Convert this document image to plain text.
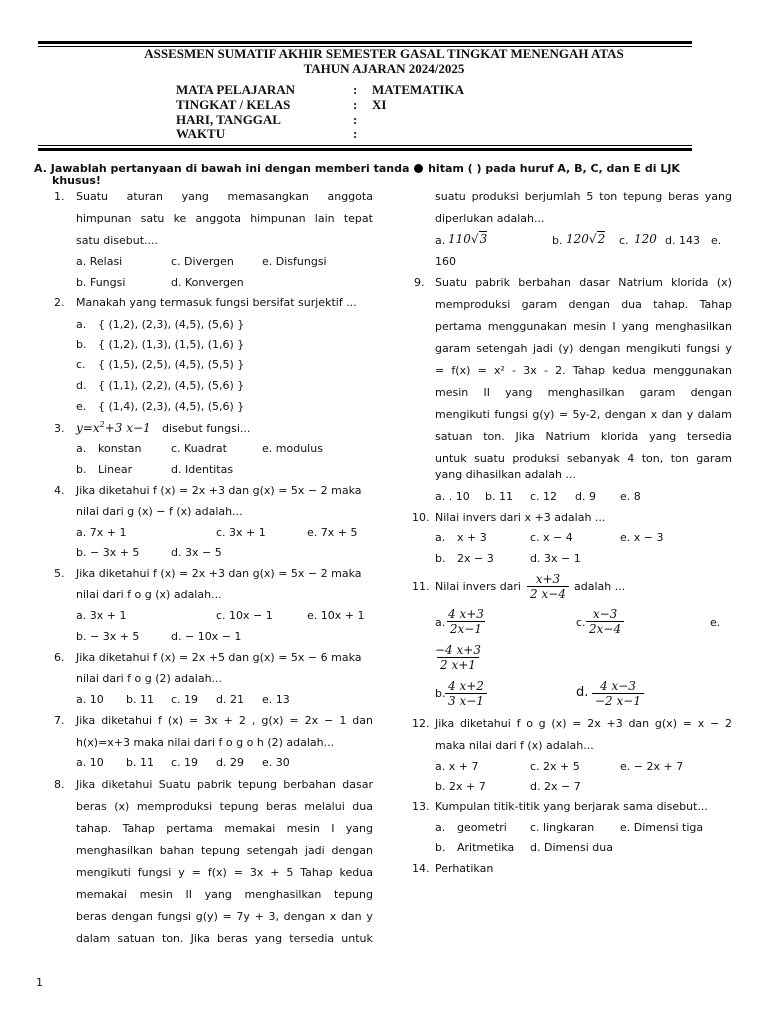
ASSESMEN SUMATIF AKHIR SEMESTER GASAL TINGKAT MENENGAH ATAS
TAHUN AJARAN 2024/2025
MATA PELAJARAN	: MATEMATIKA
TINGKAT / KELAS	: XI
HARI, TANGGAL	:
WAKTU	:
A. Jawablah pertanyaan di bawah ini dengan memberi tanda hitam ( ) pada huruf A, B, C, dan E di LJK
khusus!
1. Suatu aturan yang memasangkan anggota
himpunan satu ke anggota himpunan lain tepat
satu disebut....
a. Relasi	c. Divergen	e. Disfungsi
b. Fungsi	d. Konvergen
2. Manakah yang termasuk fungsi bersifat surjektif ...
a. { (1,2), (2,3), (4,5), (5,6) }
b. { (1,2), (1,3), (1,5), (1,6) }
c. { (1,5), (2,5), (4,5), (5,5) }
d. { (1,1), (2,2), (4,5), (5,6) }
e. { (1,4), (2,3), (4,5), (5,6) }
3. $y=x^2+3$ x−1 disebut fungsi...
a. konstan	c. Kuadrat	e. modulus
b. Linear	d. Identitas
4. Jika diketahui f (x) = 2x +3 dan g(x) = 5x − 2 maka
nilai dari g (x) − f (x) adalah...
a. 7x + 1	c. 3x + 1	e. 7x + 5
b. − 3x + 5	d. 3x − 5
5. Jika diketahui f (x) = 2x +3 dan g(x) = 5x − 2 maka
nilai dari f o g (x) adalah...
a. 3x + 1	c. 10x − 1	e. 10x + 1
b. − 3x + 5	d. − 10x − 1
6. Jika diketahui f (x) = 2x +5 dan g(x) = 5x − 6 maka
nilai dari f o g (2) adalah...
a. 10 b. 11 c. 19 d. 21 e. 13
7. Jika diketahui f (x) = 3x + 2 , g(x) = 2x − 1 dan
h(x)=x+3 maka nilai dari f o g o h (2) adalah...
a. 10 b. 11 c. 19 d. 29 e. 30
8. Jika diketahui Suatu pabrik tepung berbahan dasar
beras (x) memproduksi tepung beras melalui dua
tahap. Tahap pertama memakai mesin I yang
menghasilkan bahan tepung setengah jadi dengan
mengikuti fungsi y = f(x) = 3x + 5 Tahap kedua
memakai mesin II yang menghasilkan tepung
beras dengan fungsi g(y) = 7y + 3, dengan x dan y
dalam satuan ton. Jika beras yang tersedia untuk
suatu produksi berjumlah 5 ton tepung beras yang
diperlukan adalah...
a. 110√3	b. 120√2 c. 120 d. 143 e.
160
9. Suatu pabrik berbahan dasar Natrium klorida (x)
memproduksi garam dengan dua tahap. Tahap
pertama menggunakan mesin I yang menghasilkan
garam setengah jadi (y) dengan mengikuti fungsi y
= f(x) = x² - 3x - 2. Tahap kedua menggunakan
mesin II yang menghasilkan garam dengan
mengikuti fungsi g(y) = 5y-2, dengan x dan y dalam
satuan ton. Jika Natrium klorida yang tersedia
untuk suatu produksi sebanyak 4 ton, ton garam
yang dihasilkan adalah ...
a. . 10 b. 11 c. 12 d. 9 e. 8
10. Nilai invers dari x +3 adalah ...
a. x + 3	c. x − 4	e. x − 3
b. 2x − 3	d. 3x − 1
11. Nilai invers dari $\frac{x+3}{2 x-4}$ adalah ...
a. $\frac{4 x+3}{2x-1}$	c. $\frac{x-3}{2x-4}$	e.
$\frac{-4 x+3}{2 x+1}$
b. $\frac{4 x+2}{3 x-1}$	d. $\frac{4 x-3}{-2 x-1}$
12. Jika diketahui f o g (x) = 2x +3 dan g(x) = x − 2
maka nilai dari f (x) adalah...
a. x + 7	c. 2x + 5	e. − 2x + 7
b. 2x + 7	d. 2x − 7
13. Kumpulan titik-titik yang berjarak sama disebut...
a. geometri c. lingkaran e. Dimensi tiga
b. Aritmetika d. Dimensi dua
14. Perhatikan
1
